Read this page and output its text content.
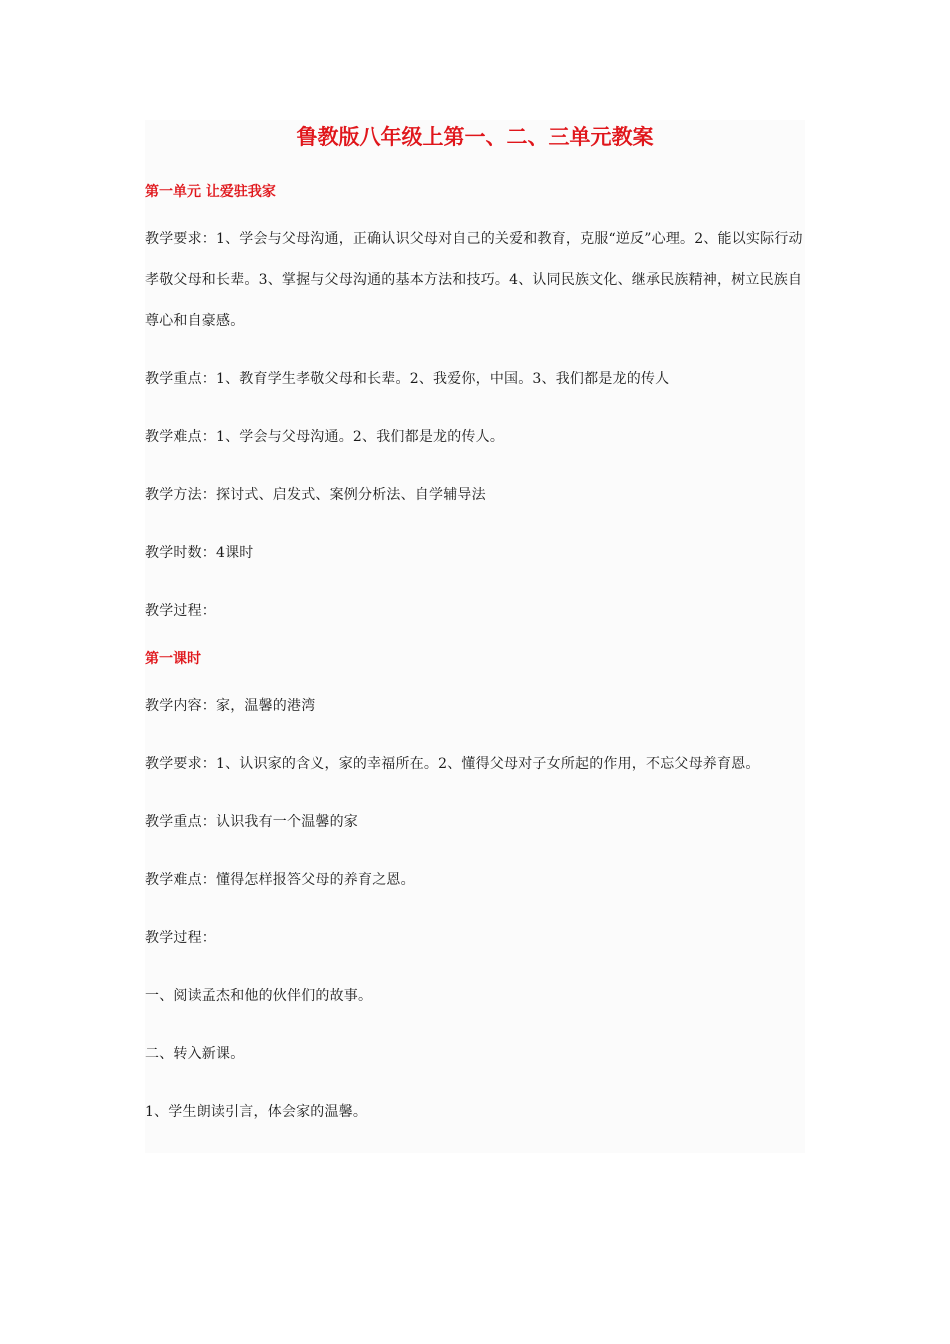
鲁教版八年级上第一、二、三单元教案

第一单元 让爱驻我家

教学要求：1、学会与父母沟通，正确认识父母对自己的关爱和教育，克服“逆反”心理。2、能以实际行动孝敬父母和长辈。3、掌握与父母沟通的基本方法和技巧。4、认同民族文化、继承民族精神，树立民族自尊心和自豪感。

教学重点：1、教育学生孝敬父母和长辈。2、我爱你，中国。3、我们都是龙的传人

教学难点：1、学会与父母沟通。2、我们都是龙的传人。

教学方法：探讨式、启发式、案例分析法、自学辅导法

教学时数：4课时

教学过程：

第一课时

教学内容：家，温馨的港湾

教学要求：1、认识家的含义，家的幸福所在。2、懂得父母对子女所起的作用，不忘父母养育恩。

教学重点：认识我有一个温馨的家

教学难点：懂得怎样报答父母的养育之恩。

教学过程：

一、阅读孟杰和他的伙伴们的故事。

二、转入新课。

1、学生朗读引言，体会家的温馨。
